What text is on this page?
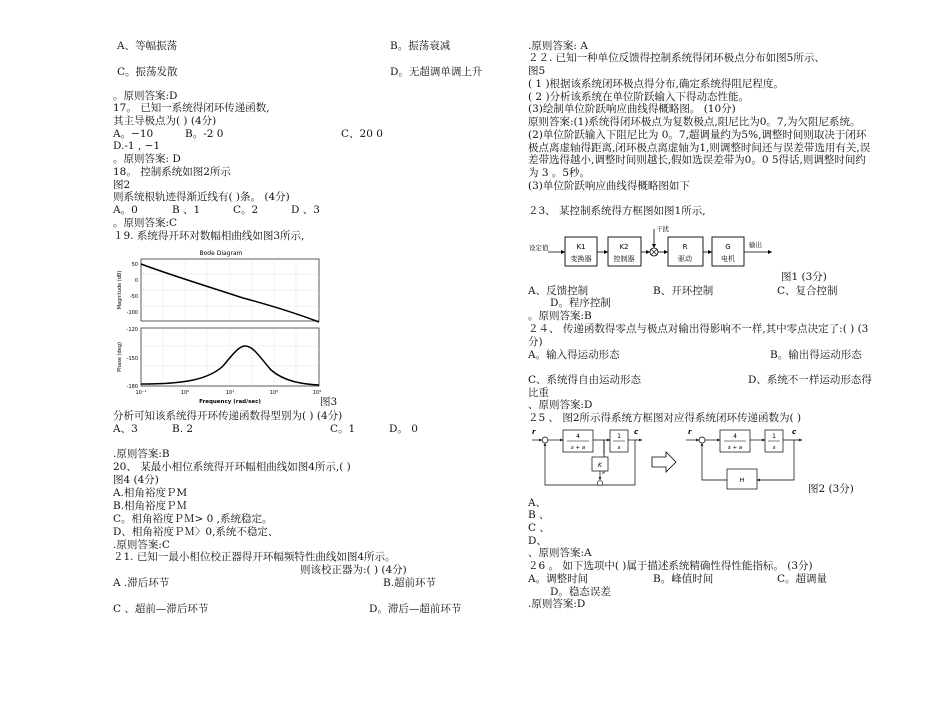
A、等幅振荡	B。振荡衰减
C。振荡发散	D。无超调单调上升
。原则答案:D
17。 已知一系统得闭环传递函数,
其主导极点为( ) (4分)
A。−10	B。-2 0	C、20 0
D.-1 , −1
。原则答案: D
18。 控制系统如图2所示
图2
则系统根轨迹得渐近线有( )条。 (4分)
A。0	B 、1	C。2	D 、3
。原则答案:C
１9. 系统得开环对数幅相曲线如图3所示,
Bode Diagram
50
0
-50
-100
-120
-150
-180
10⁻¹	10⁰	10¹	10²	10³
Magnitude (dB)
Phase (deg)
Frequency (rad/sec)	图3
分析可知该系统得开环传递函数得型别为( ) (4分)
A、3	B. 2	C。1	D。 0
.原则答案:B
20、 某最小相位系统得开环幅相曲线如图4所示,( )
图4 (4分)
A.相角裕度ＰM
B.相角裕度ＰＭ
C。相角裕度ＰＭ> 0 ,系统稳定。
D、相角裕度ＰＭ〉0,系统不稳定、
.原则答案:C
２1. 已知一最小相位校正器得开环幅频特性曲线如图4所示。
则该校正器为:( ) (4分)
A .滞后环节	B.超前环节
C 、超前—滞后环节	D。滞后—超前环节
.原则答案: A
２２. 已知一种单位反馈得控制系统得闭环极点分布如图5所示、
图5
( 1 )根据该系统闭环极点得分布,确定系统得阻尼程度。
( 2 )分析该系统在单位阶跃输入下得动态性能。
(3)绘制单位阶跃响应曲线得概略图。 (10分)
原则答案:(1)系统得闭环极点为复数极点,阻尼比为0。7,为欠阻尼系统。
(2)单位阶跃输入下阻尼比为 0。7,超调量约为5%,调整时间则取决于闭环
极点离虚轴得距离,闭环极点离虚轴为1,则调整时间还与误差带选用有关,误
差带选得越小,调整时间则越长,假如选误差带为0。0 5得话,则调整时间约
为 3 。5秒。
(3)单位阶跃响应曲线得概略图如下
２3、 某控制系统得方框图如图1所示,
设定值	K1
变换器
K2
控制器
干扰
R
驱动
G
电机
输出
图1 (3分)
A、反馈控制	B、开环控制	C、复合控制
D。程序控制
。原则答案:B
２４、 传递函数得零点与极点对输出得影响不一样,其中零点决定了:( ) (3
分)
A。输入得运动形态	B。输出得运动形态
C、系统得自由运动形态	D、系统不一样运动形态得
比重
、原则答案:D
２5 、 图2所示得系统方框图对应得系统闭环传递函数为( )
r
4
s + a
1
s
c
K
r
4
s + a
1
s
c
H
图2 (3分)
A、
B 、
C 、
D、
、原则答案:A
２6 。 如下选项中( )属于描述系统精确性得性能指标。 (3分)
A。调整时间	B。峰值时间	C。超调量
D。稳态误差
.原则答案:D
